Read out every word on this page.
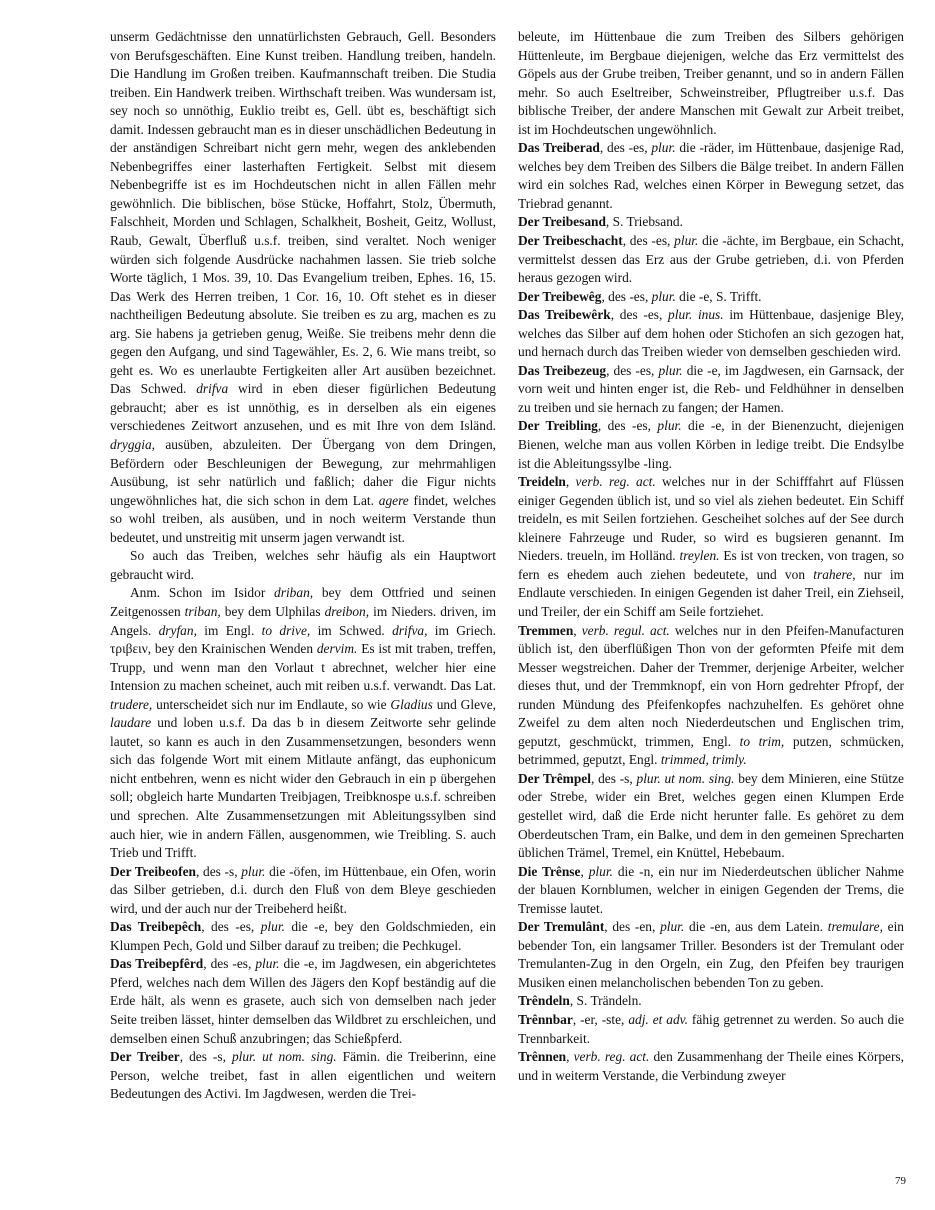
unserm Gedächtnisse den unnatürlichsten Gebrauch, Gell. Besonders von Berufsgeschäften. Eine Kunst treiben. Handlung treiben, handeln. Die Handlung im Großen treiben. Kaufmannschaft treiben. Die Studia treiben. Ein Handwerk treiben. Wirthschaft treiben. Was wundersam ist, sey noch so unnöthig, Euklio treibt es, Gell. übt es, beschäftigt sich damit. Indessen gebraucht man es in dieser unschädlichen Bedeutung in der anständigen Schreibart nicht gern mehr, wegen des anklebenden Nebenbegriffes einer lasterhaften Fertigkeit. Selbst mit diesem Nebenbegriffe ist es im Hochdeutschen nicht in allen Fällen mehr gewöhnlich. Die biblischen, böse Stücke, Hoffahrt, Stolz, Übermuth, Falschheit, Morden und Schlagen, Schalkheit, Bosheit, Geitz, Wollust, Raub, Gewalt, Überfluß u.s.f. treiben, sind veraltet. Noch weniger würden sich folgende Ausdrücke nachahmen lassen. Sie trieb solche Worte täglich, 1 Mos. 39, 10. Das Evangelium treiben, Ephes. 16, 15. Das Werk des Herren treiben, 1 Cor. 16, 10. Oft stehet es in dieser nachtheiligen Bedeutung absolute. Sie treiben es zu arg, machen es zu arg. Sie habens ja getrieben genug, Weiße. Sie treibens mehr denn die gegen den Aufgang, und sind Tagewähler, Es. 2, 6. Wie mans treibt, so geht es. Wo es unerlaubte Fertigkeiten aller Art ausüben bezeichnet. Das Schwed. drifva wird in eben dieser figürlichen Bedeutung gebraucht; aber es ist unnöthig, es in derselben als ein eigenes verschiedenes Zeitwort anzusehen, und es mit Ihre von dem Isländ. dryggia, ausüben, abzuleiten. Der Übergang von dem Dringen, Befördern oder Beschleunigen der Bewegung, zur mehrmahligen Ausübung, ist sehr natürlich und faßlich; daher die Figur nichts ungewöhnliches hat, die sich schon in dem Lat. agere findet, welches so wohl treiben, als ausüben, und in noch weiterm Verstande thun bedeutet, und unstreitig mit unserm jagen verwandt ist.

So auch das Treiben, welches sehr häufig als ein Hauptwort gebraucht wird.

Anm. Schon im Isidor driban, bey dem Ottfried und seinen Zeitgenossen triban, bey dem Ulphilas dreibon, im Nieders. driven, im Angels. dryfan, im Engl. to drive, im Schwed. drifva, im Griech. τριβειν, bey den Krainischen Wenden dervim. Es ist mit traben, treffen, Trupp, und wenn man den Vorlaut t abrechnet, welcher hier eine Intension zu machen scheinet, auch mit reiben u.s.f. verwandt. Das Lat. trudere, unterscheidet sich nur im Endlaute, so wie Gladius und Gleve, laudare und loben u.s.f. Da das b in diesem Zeitworte sehr gelinde lautet, so kann es auch in den Zusammensetzungen, besonders wenn sich das folgende Wort mit einem Mitlaute anfängt, das euphonicum nicht entbehren, wenn es nicht wider den Gebrauch in ein p übergehen soll; obgleich harte Mundarten Treibjagen, Treibknospe u.s.f. schreiben und sprechen. Alte Zusammensetzungen mit Ableitungssylben sind auch hier, wie in andern Fällen, ausgenommen, wie Treibling. S. auch Trieb und Trifft.

Der Treibeofen, des -s, plur. die -öfen, im Hüttenbaue, ein Ofen, worin das Silber getrieben, d.i. durch den Fluß von dem Bleye geschieden wird, und der auch nur der Treibeherd heißt.

Das Treibepêch, des -es, plur. die -e, bey den Goldschmieden, ein Klumpen Pech, Gold und Silber darauf zu treiben; die Pechkugel.

Das Treibepfêrd, des -es, plur. die -e, im Jagdwesen, ein abgerichtetes Pferd, welches nach dem Willen des Jägers den Kopf beständig auf die Erde hält, als wenn es grasete, auch sich von demselben nach jeder Seite treiben lässet, hinter demselben das Wildbret zu erschleichen, und demselben einen Schuß anzubringen; das Schießpferd.

Der Treiber, des -s, plur. ut nom. sing. Fämin. die Treiberinn, eine Person, welche treibet, fast in allen eigentlichen und weitern Bedeutungen des Activi. Im Jagdwesen, werden die Trei-

beleute, im Hüttenbaue die zum Treiben des Silbers gehörigen Hüttenleute, im Bergbaue diejenigen, welche das Erz vermittelst des Göpels aus der Grube treiben, Treiber genannt, und so in andern Fällen mehr. So auch Eseltreiber, Schweinstreiber, Pflugtreiber u.s.f. Das biblische Treiber, der andere Manschen mit Gewalt zur Arbeit treibet, ist im Hochdeutschen ungewöhnlich.

Das Treiberad, des -es, plur. die -räder, im Hüttenbaue, dasjenige Rad, welches bey dem Treiben des Silbers die Bälge treibet. In andern Fällen wird ein solches Rad, welches einen Körper in Bewegung setzet, das Triebrad genannt.

Der Treibesand, S. Triebsand.

Der Treibeschacht, des -es, plur. die -ächte, im Bergbaue, ein Schacht, vermittelst dessen das Erz aus der Grube getrieben, d.i. von Pferden heraus gezogen wird.

Der Treibewêg, des -es, plur. die -e, S. Trifft.

Das Treibewêrk, des -es, plur. inus. im Hüttenbaue, dasjenige Bley, welches das Silber auf dem hohen oder Stichofen an sich gezogen hat, und hernach durch das Treiben wieder von demselben geschieden wird.

Das Treibezeug, des -es, plur. die -e, im Jagdwesen, ein Garnsack, der vorn weit und hinten enger ist, die Reb- und Feldhühner in denselben zu treiben und sie hernach zu fangen; der Hamen.

Der Treibling, des -es, plur. die -e, in der Bienenzucht, diejenigen Bienen, welche man aus vollen Körben in ledige treibt. Die Endsylbe ist die Ableitungssylbe -ling.

Treideln, verb. reg. act. welches nur in der Schifffahrt auf Flüssen einiger Gegenden üblich ist, und so viel als ziehen bedeutet. Ein Schiff treideln, es mit Seilen fortziehen. Gescheihet solches auf der See durch kleinere Fahrzeuge und Ruder, so wird es bugsieren genannt. Im Nieders. treueln, im Holländ. treylen. Es ist von trecken, von tragen, so fern es ehedem auch ziehen bedeutete, und von trahere, nur im Endlaute verschieden. In einigen Gegenden ist daher Treil, ein Ziehseil, und Treiler, der ein Schiff am Seile fortziehet.

Tremmen, verb. regul. act. welches nur in den Pfeifen-Manufacturen üblich ist, den überflüßigen Thon von der geformten Pfeife mit dem Messer wegstreichen. Daher der Tremmer, derjenige Arbeiter, welcher dieses thut, und der Tremmknopf, ein von Horn gedrehter Pfropf, der runden Mündung des Pfeifenkopfes nachzuhelfen. Es gehöret ohne Zweifel zu dem alten noch Niederdeutschen und Englischen trim, geputzt, geschmückt, trimmen, Engl. to trim, putzen, schmücken, betrimmed, geputzt, Engl. trimmed, trimly.

Der Trêmpel, des -s, plur. ut nom. sing. bey dem Minieren, eine Stütze oder Strebe, wider ein Bret, welches gegen einen Klumpen Erde gestellet wird, daß die Erde nicht herunter falle. Es gehöret zu dem Oberdeutschen Tram, ein Balke, und dem in den gemeinen Sprecharten üblichen Trämel, Tremel, ein Knüttel, Hebebaum.

Die Trênse, plur. die -n, ein nur im Niederdeutschen üblicher Nahme der blauen Kornblumen, welcher in einigen Gegenden der Trems, die Tremisse lautet.

Der Tremulânt, des -en, plur. die -en, aus dem Latein. tremulare, ein bebender Ton, ein langsamer Triller. Besonders ist der Tremulant oder Tremulanten-Zug in den Orgeln, ein Zug, den Pfeifen bey traurigen Musiken einen melancholischen bebenden Ton zu geben.

Trêndeln, S. Trändeln.

Trênnbar, -er, -ste, adj. et adv. fähig getrennet zu werden. So auch die Trennbarkeit.

Trênnen, verb. reg. act. den Zusammenhang der Theile eines Körpers, und in weiterm Verstande, die Verbindung zweyer

79
